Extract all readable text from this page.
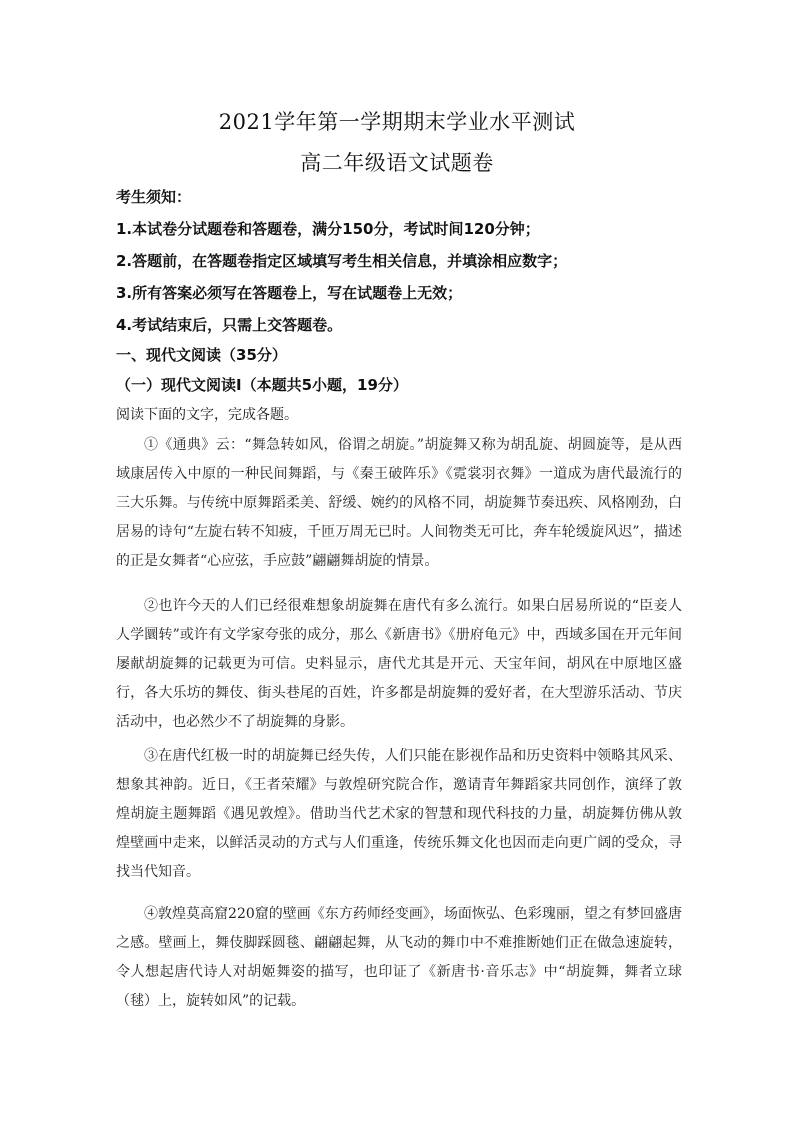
2021学年第一学期期末学业水平测试
高二年级语文试题卷
考生须知：
1.本试卷分试题卷和答题卷，满分150分，考试时间120分钟；
2.答题前，在答题卷指定区域填写考生相关信息，并填涂相应数字；
3.所有答案必须写在答题卷上，写在试题卷上无效；
4.考试结束后，只需上交答题卷。
一、现代文阅读（35分）
（一）现代文阅读Ⅰ（本题共5小题，19分）
阅读下面的文字，完成各题。

①《通典》云：“舞急转如风，俗谓之胡旋。”胡旋舞又称为胡乱旋、胡圆旋等，是从西域康居传入中原的一种民间舞蹈，与《秦王破阵乐》《霓裳羽衣舞》一道成为唐代最流行的三大乐舞。与传统中原舞蹈柔美、舒缓、婉约的风格不同，胡旋舞节奏迅疾、风格刚劲，白居易的诗句“左旋右转不知疲，千匝万周无已时。人间物类无可比，奔车轮缓旋风迟”，描述的正是女舞者“心应弦，手应鼓”翩翩舞胡旋的情景。

②也许今天的人们已经很难想象胡旋舞在唐代有多么流行。如果白居易所说的“臣妾人人学圜转”或许有文学家夸张的成分，那么《新唐书》《册府龟元》中，西域多国在开元年间屡献胡旋舞的记载更为可信。史料显示，唐代尤其是开元、天宝年间，胡风在中原地区盛行，各大乐坊的舞伎、街头巷尾的百姓，许多都是胡旋舞的爱好者，在大型游乐活动、节庆活动中，也必然少不了胡旋舞的身影。

③在唐代红极一时的胡旋舞已经失传，人们只能在影视作品和历史资料中领略其风采、想象其神韵。近日，《王者荣耀》与敦煌研究院合作，邀请青年舞蹈家共同创作，演绎了敦煌胡旋主题舞蹈《遇见敦煌》。借助当代艺术家的智慧和现代科技的力量，胡旋舞仿佛从敦煌壁画中走来，以鲜活灵动的方式与人们重逢，传统乐舞文化也因而走向更广阔的受众，寻找当代知音。

④敦煌莫高窟220窟的壁画《东方药师经变画》，场面恢弘、色彩瑰丽，望之有梦回盛唐之感。壁画上，舞伎脚踩圆毯、翩翩起舞，从飞动的舞巾中不难推断她们正在做急速旋转，令人想起唐代诗人对胡姬舞姿的描写，也印证了《新唐书·音乐志》中“胡旋舞，舞者立球（毬）上，旋转如风”的记载。
